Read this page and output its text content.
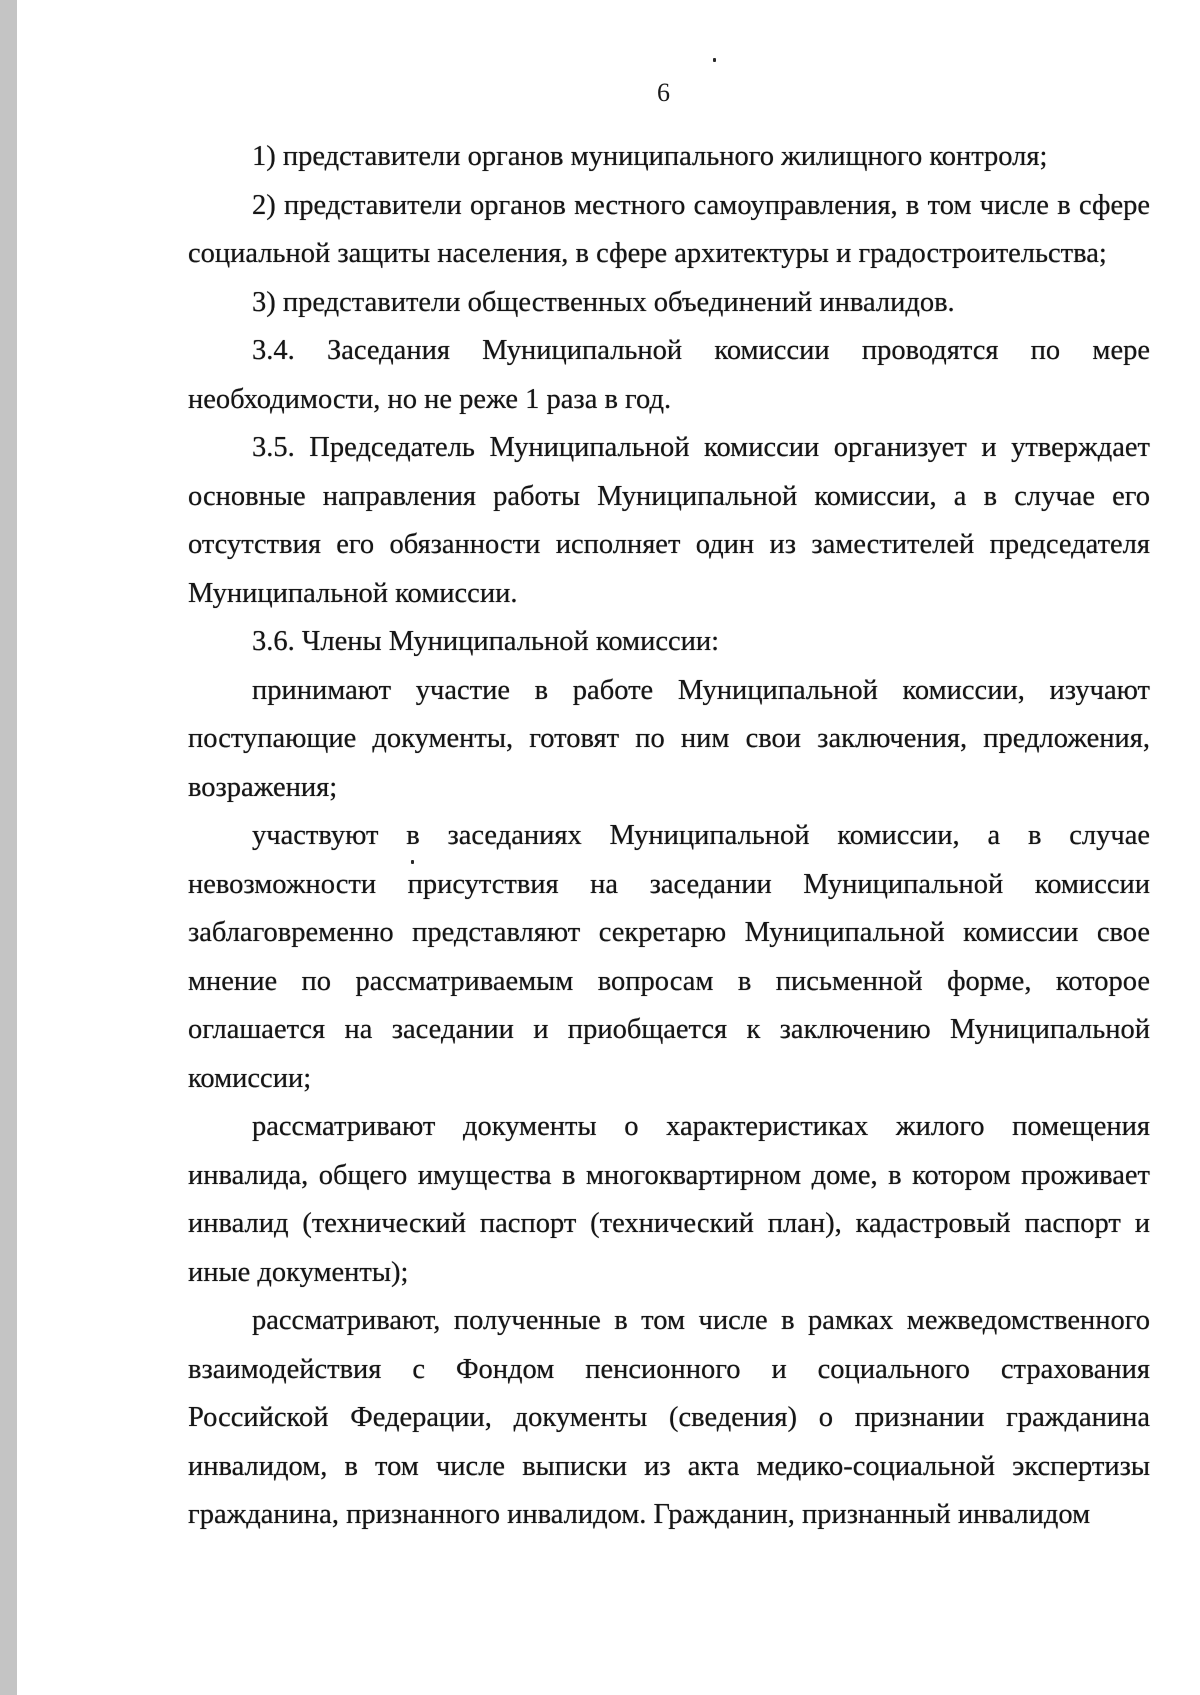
6

1) представители органов муниципального жилищного контроля;

2) представители органов местного самоуправления, в том числе в сфере социальной защиты населения, в сфере архитектуры и градостроительства;

3) представители общественных объединений инвалидов.

3.4. Заседания Муниципальной комиссии проводятся по мере необходимости, но не реже 1 раза в год.

3.5. Председатель Муниципальной комиссии организует и утверждает основные направления работы Муниципальной комиссии, а в случае его отсутствия его обязанности исполняет один из заместителей председателя Муниципальной комиссии.

3.6. Члены Муниципальной комиссии:

принимают участие в работе Муниципальной комиссии, изучают поступающие документы, готовят по ним свои заключения, предложения, возражения;

участвуют в заседаниях Муниципальной комиссии, а в случае невозможности присутствия на заседании Муниципальной комиссии заблаговременно представляют секретарю Муниципальной комиссии свое мнение по рассматриваемым вопросам в письменной форме, которое оглашается на заседании и приобщается к заключению Муниципальной комиссии;

рассматривают документы о характеристиках жилого помещения инвалида, общего имущества в многоквартирном доме, в котором проживает инвалид (технический паспорт (технический план), кадастровый паспорт и иные документы);

рассматривают, полученные в том числе в рамках межведомственного взаимодействия с Фондом пенсионного и социального страхования Российской Федерации, документы (сведения) о признании гражданина инвалидом, в том числе выписки из акта медико-социальной экспертизы гражданина, признанного инвалидом. Гражданин, признанный инвалидом
